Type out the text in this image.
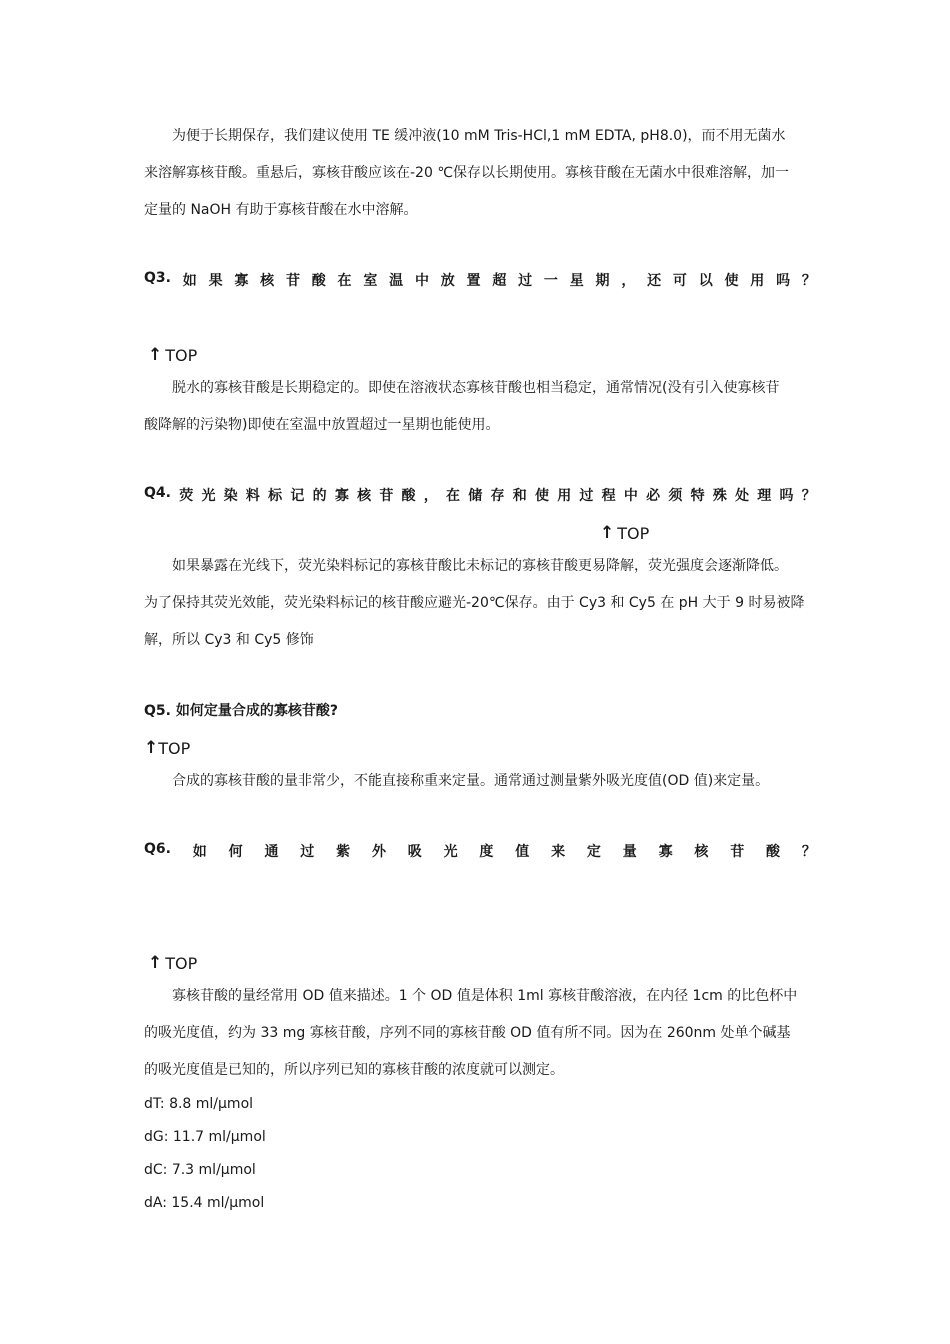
为便于长期保存，我们建议使用 TE 缓冲液(10 mM Tris-HCl,1 mM EDTA, pH8.0)，而不用无菌水
来溶解寡核苷酸。重悬后，寡核苷酸应该在-20 ℃保存以长期使用。寡核苷酸在无菌水中很难溶解，加一
定量的 NaOH 有助于寡核苷酸在水中溶解。
Q3. 如 果 寡 核 苷 酸 在 室 温 中 放 置 超 过 一 星 期 ， 还 可 以 使 用 吗 ？
↑ TOP
脱水的寡核苷酸是长期稳定的。即使在溶液状态寡核苷酸也相当稳定，通常情况(没有引入使寡核苷
酸降解的污染物)即使在室温中放置超过一星期也能使用。
Q4. 荧 光 染 料 标 记 的 寡 核 苷 酸 ， 在 储 存 和 使 用 过 程 中 必 须 特 殊 处 理 吗 ？
↑ TOP
如果暴露在光线下，荧光染料标记的寡核苷酸比未标记的寡核苷酸更易降解，荧光强度会逐渐降低。
为了保持其荧光效能，荧光染料标记的核苷酸应避光-20℃保存。由于 Cy3 和 Cy5 在 pH 大于 9 时易被降
解，所以 Cy3 和 Cy5 修饰
Q5. 如何定量合成的寡核苷酸?
↑ TOP
合成的寡核苷酸的量非常少，不能直接称重来定量。通常通过测量紫外吸光度值(OD 值)来定量。
Q6. 如 何 通 过 紫 外 吸 光 度 值 来 定 量 寡 核 苷 酸 ？
↑ TOP
寡核苷酸的量经常用 OD 值来描述。1 个 OD 值是体积 1ml 寡核苷酸溶液，在内径 1cm 的比色杯中
的吸光度值，约为 33 mg 寡核苷酸，序列不同的寡核苷酸 OD 值有所不同。因为在 260nm 处单个碱基
的吸光度值是已知的，所以序列已知的寡核苷酸的浓度就可以测定。
dT: 8.8 ml/µmol
dG: 11.7 ml/µmol
dC: 7.3 ml/µmol
dA: 15.4 ml/µmol
